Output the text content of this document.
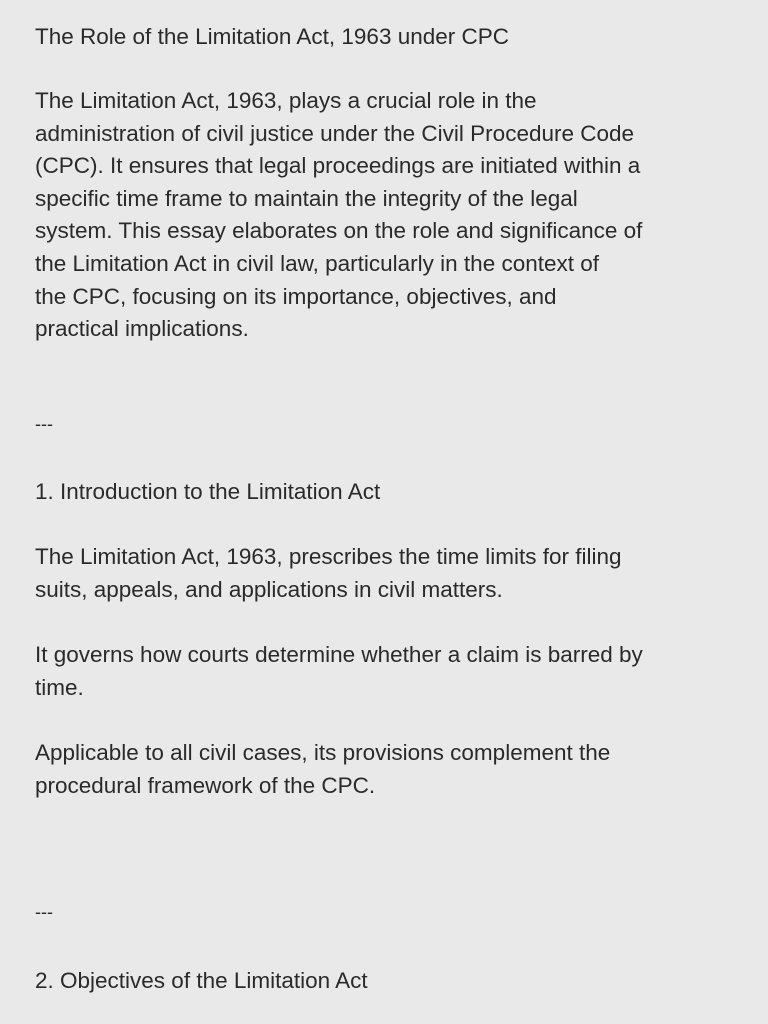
The Role of the Limitation Act, 1963 under CPC

The Limitation Act, 1963, plays a crucial role in the

administration of civil justice under the Civil Procedure Code

(CPC). It ensures that legal proceedings are initiated within a

specific time frame to maintain the integrity of the legal

system. This essay elaborates on the role and significance of

the Limitation Act in civil law, particularly in the context of

the CPC, focusing on its importance, objectives, and

practical implications.

---

1. Introduction to the Limitation Act

The Limitation Act, 1963, prescribes the time limits for filing

suits, appeals, and applications in civil matters.

It governs how courts determine whether a claim is barred by

time.

Applicable to all civil cases, its provisions complement the

procedural framework of the CPC.

---

2. Objectives of the Limitation Act
